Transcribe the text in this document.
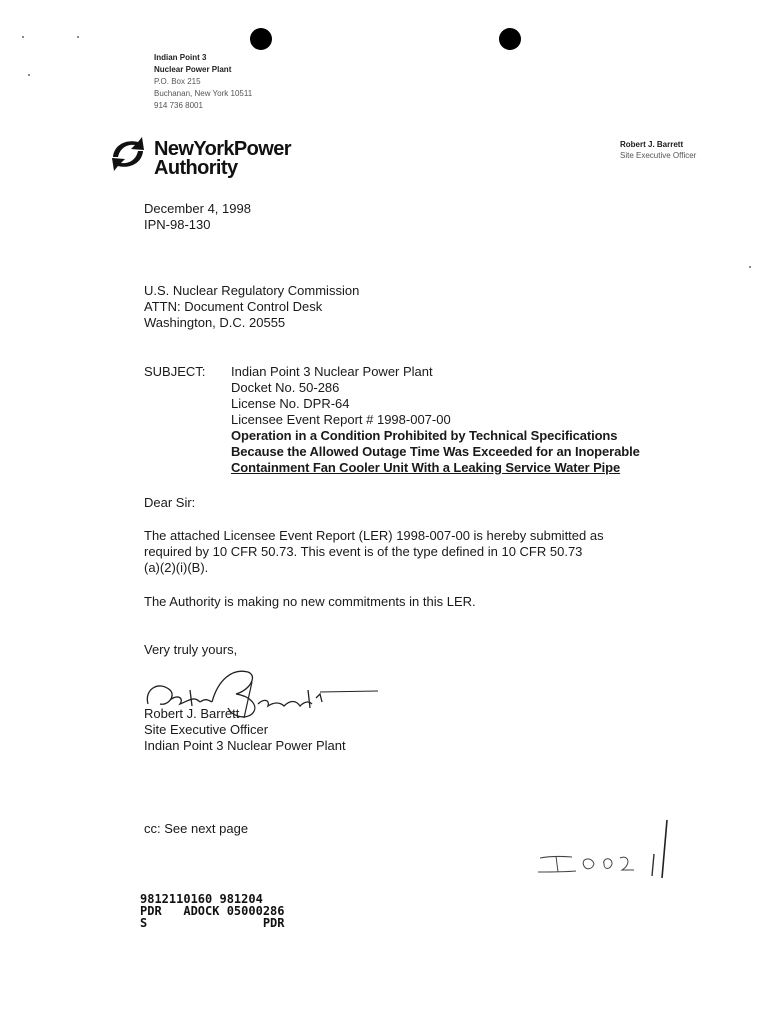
Indian Point 3
Nuclear Power Plant
P.O. Box 215
Buchanan, New York 10511
914 736 8001
NewYorkPower
Authority
Robert J. Barrett
Site Executive Officer
December 4, 1998
IPN-98-130
U.S. Nuclear Regulatory Commission
ATTN: Document Control Desk
Washington, D.C. 20555
SUBJECT: Indian Point 3 Nuclear Power Plant
Docket No. 50-286
License No. DPR-64
Licensee Event Report # 1998-007-00
Operation in a Condition Prohibited by Technical Specifications
Because the Allowed Outage Time Was Exceeded for an Inoperable
Containment Fan Cooler Unit With a Leaking Service Water Pipe
Dear Sir:
The attached Licensee Event Report (LER) 1998-007-00 is hereby submitted as
required by 10 CFR 50.73. This event is of the type defined in 10 CFR 50.73
(a)(2)(i)(B).
The Authority is making no new commitments in this LER.
Very truly yours,
Robert J. Barrett
Site Executive Officer
Indian Point 3 Nuclear Power Plant
cc: See next page
9812110160 981204
PDR   ADOCK 05000286
S                PDR
